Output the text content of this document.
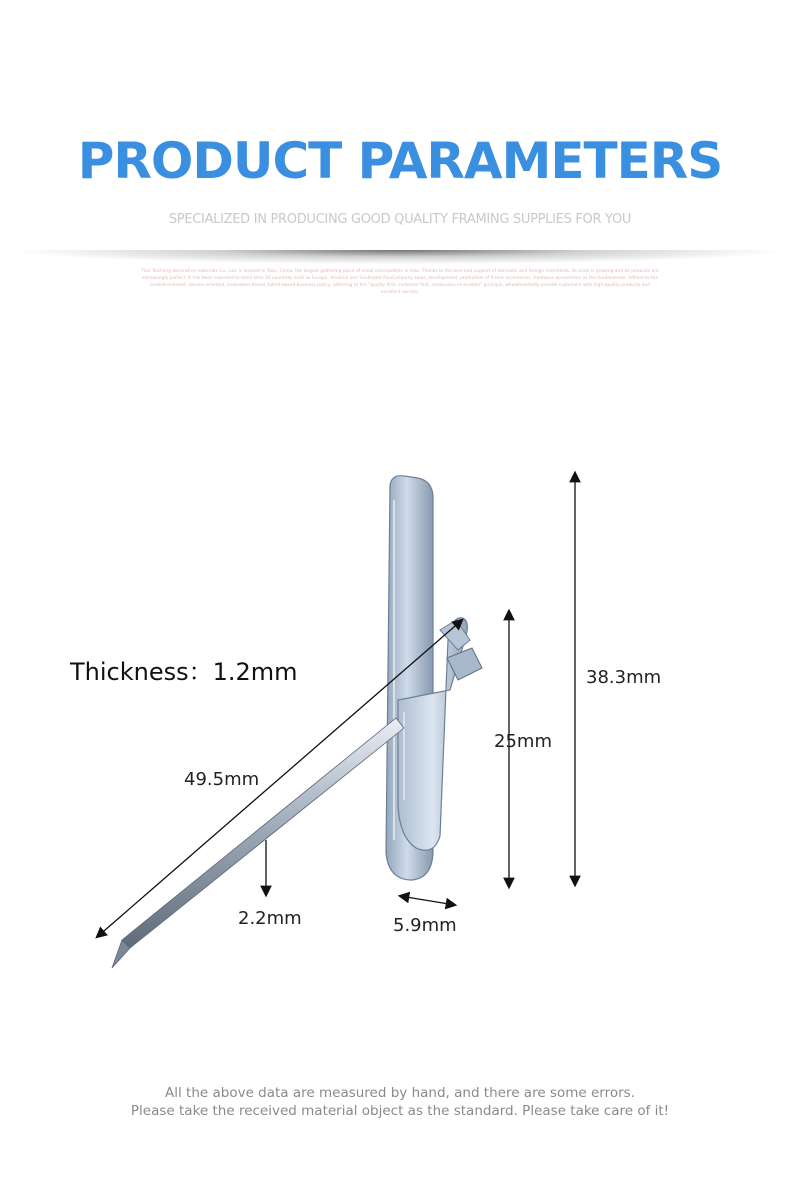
PRODUCT PARAMETERS
SPECIALIZED IN PRODUCING GOOD QUALITY FRAMING SUPPLIES FOR YOU
Tian Taisheng decorative materials Co., Ltd. is located in Yiwu, China, the largest gathering place of small commodities in Asia. Thanks to the love and support of domestic and foreign merchants, its scale is growing and its products are increasingly perfect. It has been exported to more than 50 countries such as Europe, America and Southeast AsiaCompany sales, development, production of frame accessories, hardware accessories as the fundamental. Adhere to the market-oriented, service-oriented, innovation based, talent-based business policy, adhering to the "quality first, customer first, continuous innovation" principle, wholeheartedly provide customers with high-quality products and excellent service.
Thickness：1.2mm
49.5mm
2.2mm	5.9mm
25mm
38.3mm
All the above data are measured by hand, and there are some errors.
Please take the received material object as the standard. Please take care of it!
